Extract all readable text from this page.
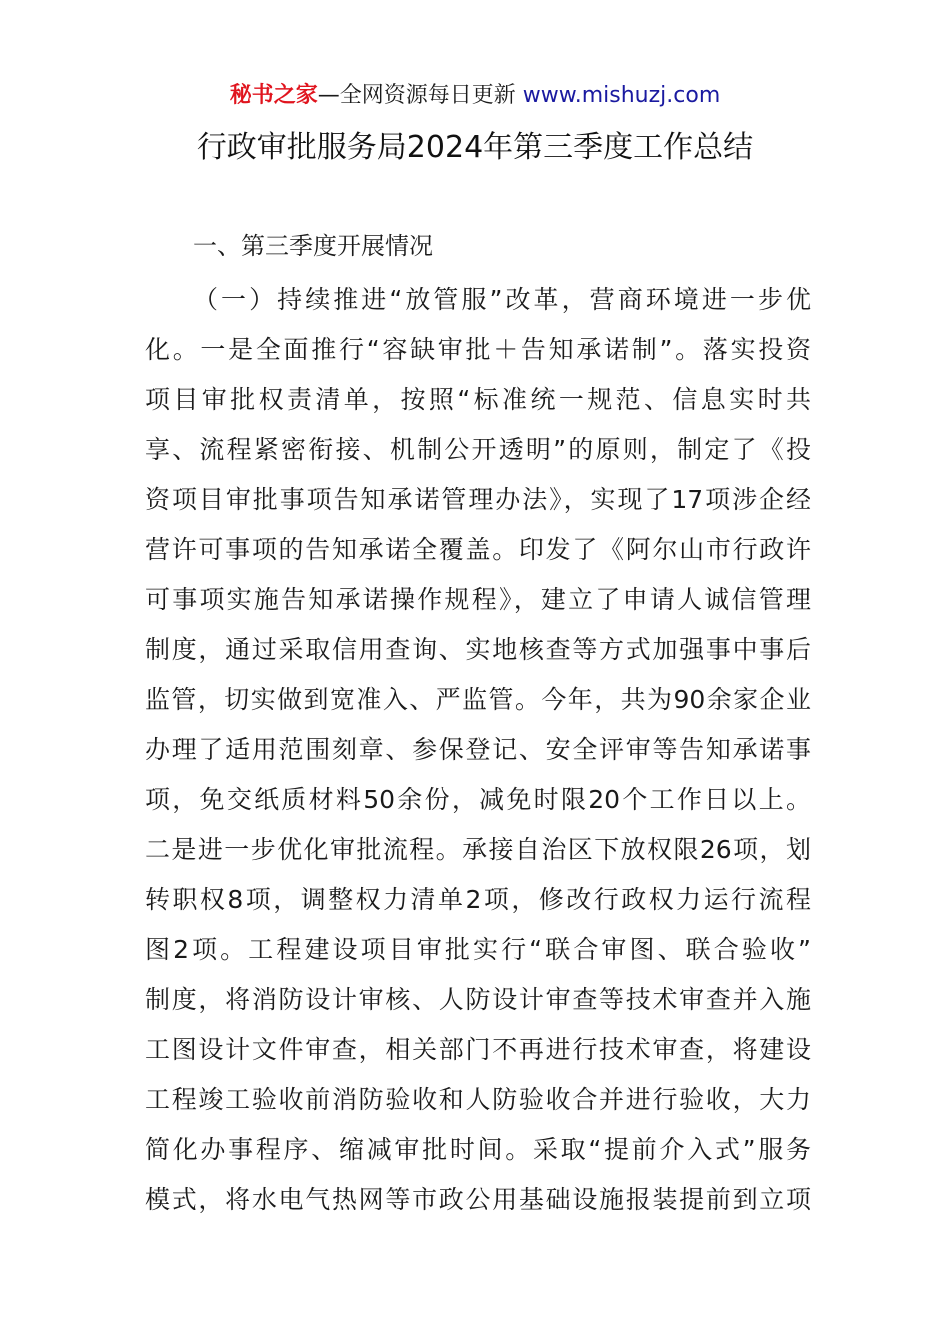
秘书之家—全网资源每日更新 www.mishuzj.com
行政审批服务局2024年第三季度工作总结
一、第三季度开展情况
（一）持续推进“放管服”改革，营商环境进一步优
化。一是全面推行“容缺审批＋告知承诺制”。落实投资
项目审批权责清单，按照“标准统一规范、信息实时共
享、流程紧密衔接、机制公开透明”的原则，制定了《投
资项目审批事项告知承诺管理办法》，实现了17项涉企经
营许可事项的告知承诺全覆盖。印发了《阿尔山市行政许
可事项实施告知承诺操作规程》，建立了申请人诚信管理
制度，通过采取信用查询、实地核查等方式加强事中事后
监管，切实做到宽准入、严监管。今年，共为90余家企业
办理了适用范围刻章、参保登记、安全评审等告知承诺事
项，免交纸质材料50余份，减免时限20个工作日以上。
二是进一步优化审批流程。承接自治区下放权限26项，划
转职权8项，调整权力清单2项，修改行政权力运行流程
图2项。工程建设项目审批实行“联合审图、联合验收”
制度，将消防设计审核、人防设计审查等技术审查并入施
工图设计文件审查，相关部门不再进行技术审查，将建设
工程竣工验收前消防验收和人防验收合并进行验收，大力
简化办事程序、缩减审批时间。采取“提前介入式”服务
模式，将水电气热网等市政公用基础设施报装提前到立项
